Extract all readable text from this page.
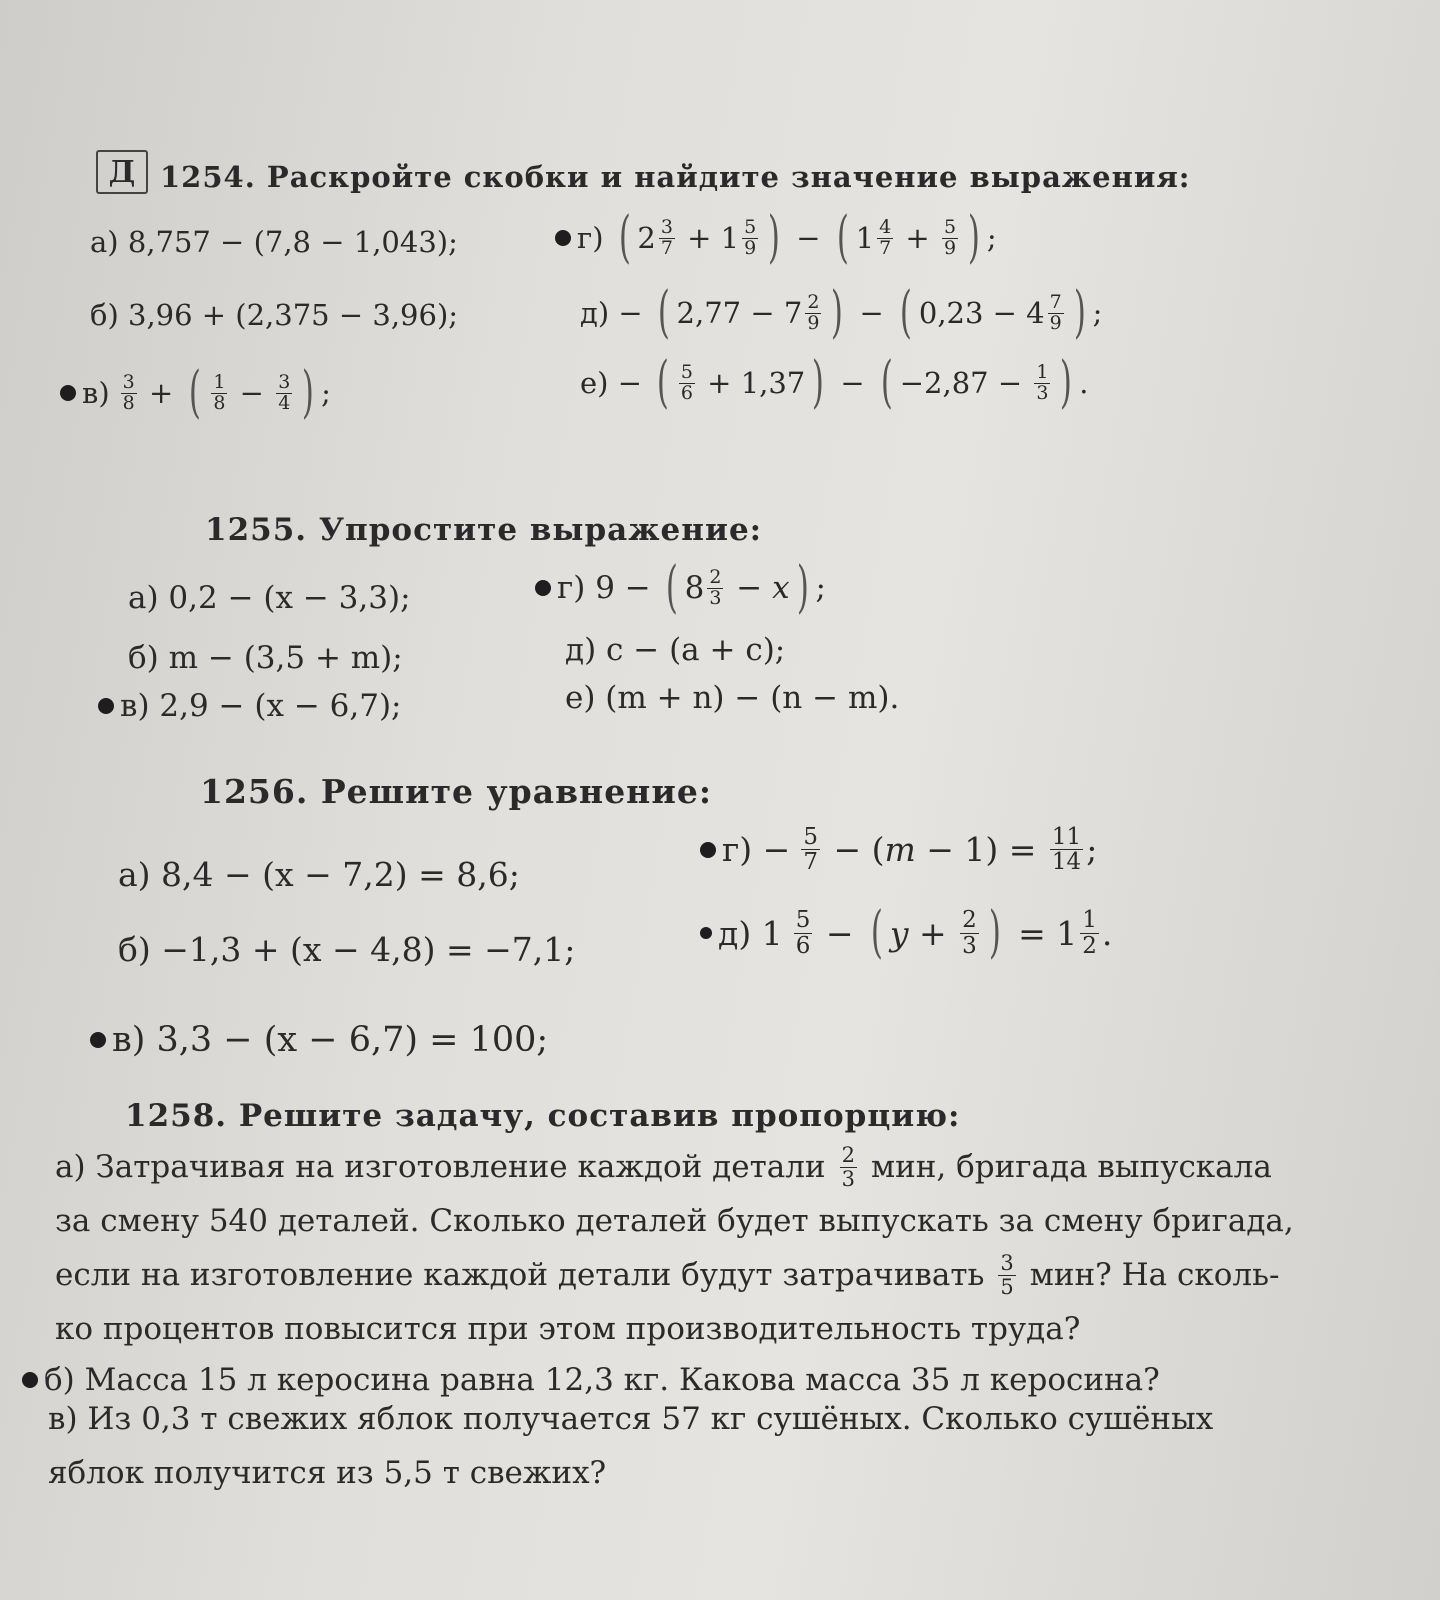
Д 1254. Раскройте скобки и найдите значение выражения:
а) 8,757 − (7,8 − 1,043);
б) 3,96 + (2,375 − 3,96);
$в) \frac{3}{8}$ + ( $\frac{1}{8} - \frac{3}{4}$ ) ;
г) ( $2 \frac{3}{7} + 1 \frac{5}{9}$ ) − ( $1 \frac{4}{7} + \frac{5}{9}$ ) ;
д) − ( $2,77 - 7 \frac{2}{9}$ ) − ( $0,23 - 4 \frac{7}{9}$ ) ;
е) − ( $\frac{5}{6} + 1,37$ ) − ( $-2,87 - \frac{1}{3}$ ) .
1255. Упростите выражение:
а) 0,2 − (x − 3,3);
б) m − (3,5 + m);
в) 2,9 − (x − 6,7);
г) 9 − ( $8 \frac{2}{3} - x$ ) ;
д) c − (a + c);
е) (m + n) − (n − m).
1256. Решите уравнение:
а) 8,4 − (x − 7,2) = 8,6;
б) −1,3 + (x − 4,8) = −7,1;
в) 3,3 − (x − 6,7) = 100;
$г) - \frac{5}{7} - (m - 1) = \frac{11}{14}$ ;
д) $1 \frac{5}{6}$ − ( $y + \frac{2}{3}$ ) = $1 \frac{1}{2}$ .
1258. Решите задачу, составив пропорцию:
а) Затрачивая на изготовление каждой детали $\frac{2}{3}$ мин, бригада выпускала
за смену 540 деталей. Сколько деталей будет выпускать за смену бригада,
если на изготовление каждой детали будут затрачивать $\frac{3}{5}$ мин? На сколь-
ко процентов повысится при этом производительность труда?
б) Масса 15 л керосина равна 12,3 кг. Какова масса 35 л керосина?
в) Из 0,3 т свежих яблок получается 57 кг сушёных. Сколько сушёных
яблок получится из 5,5 т свежих?
